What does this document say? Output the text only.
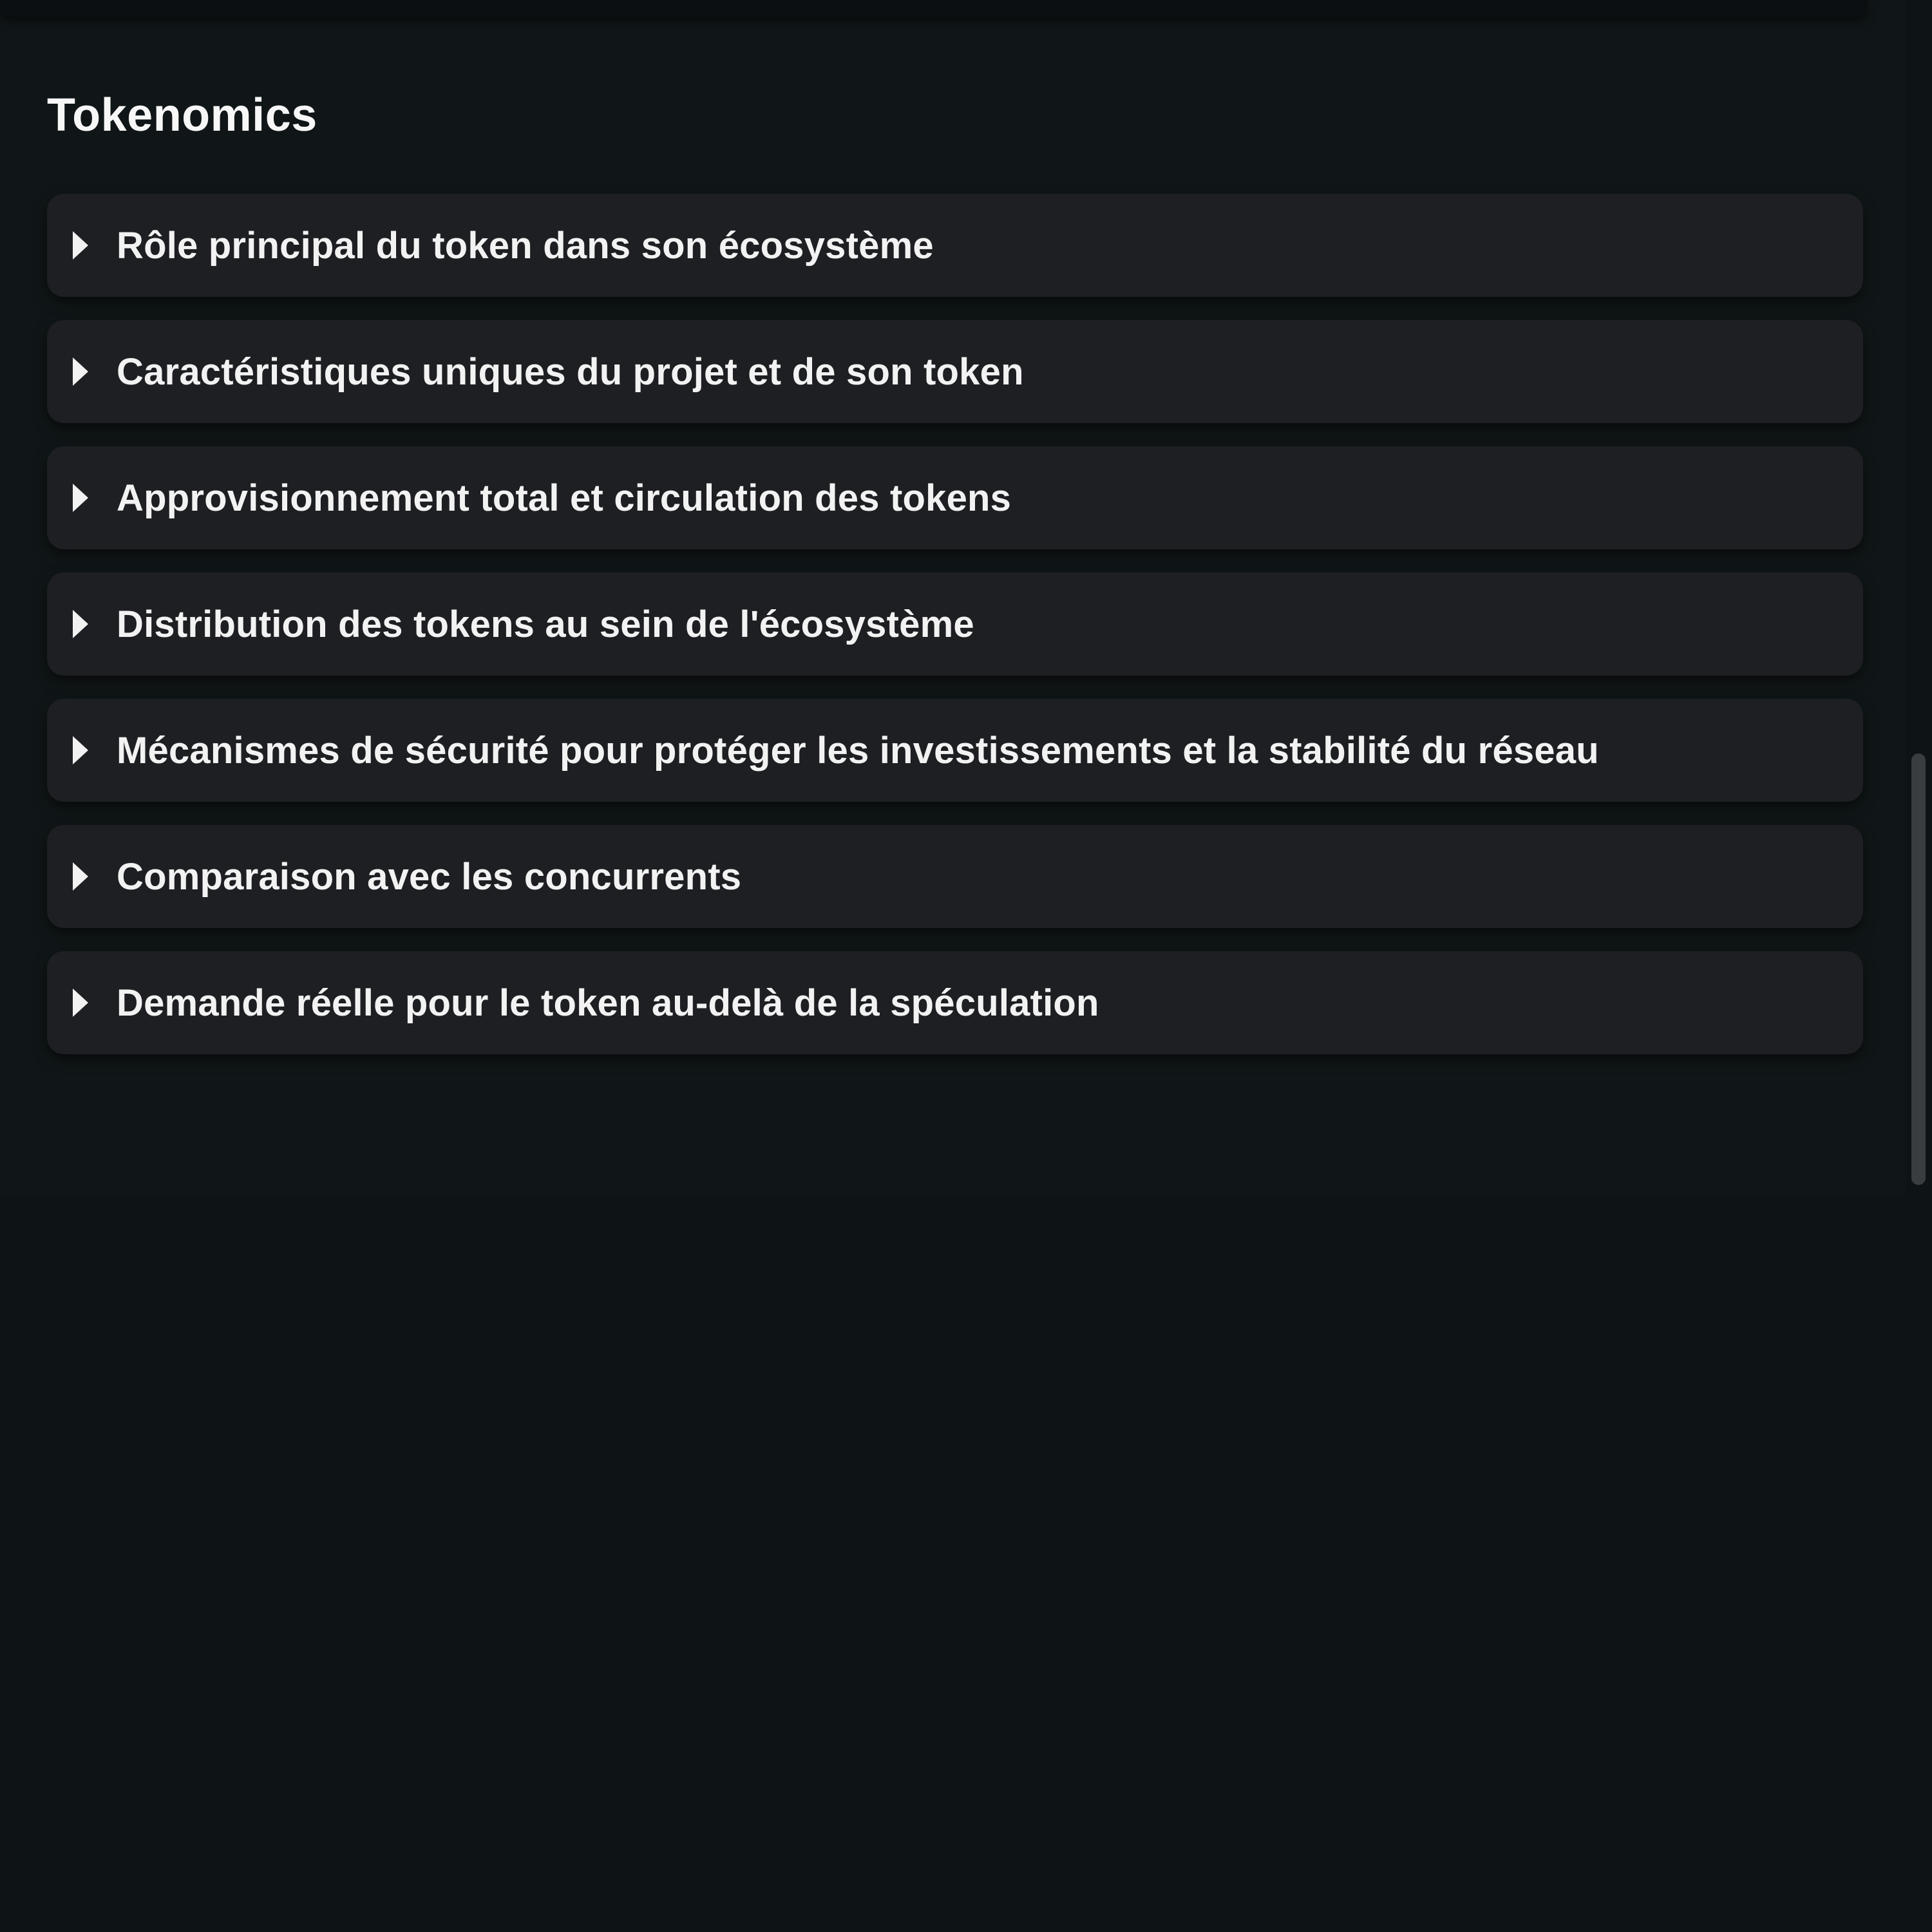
Tokenomics
Rôle principal du token dans son écosystème
Caractéristiques uniques du projet et de son token
Approvisionnement total et circulation des tokens
Distribution des tokens au sein de l'écosystème
Mécanismes de sécurité pour protéger les investissements et la stabilité du réseau
Comparaison avec les concurrents
Demande réelle pour le token au-delà de la spéculation
